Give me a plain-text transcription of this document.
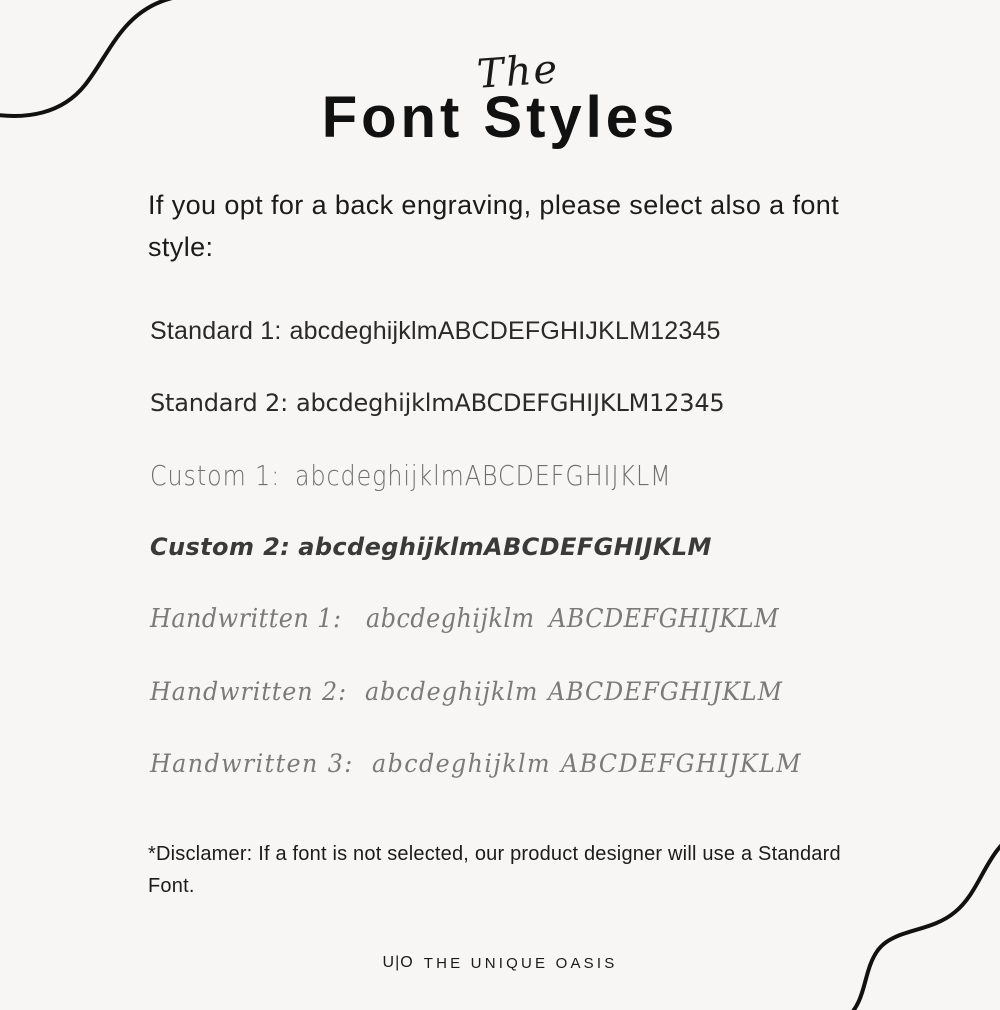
The
Font Styles
If you opt for a back engraving, please select also a font style:
Standard 1: abcdeghijklmABCDEFGHIJKLM12345
Standard 2: abcdeghijklmABCDEFGHIJKLM12345
Custom 1: abcdeghijklmABCDEFGHIJKLM
Custom 2: abcdeghijklmABCDEFGHIJKLM
Handwritten 1: abcdeghijklm ABCDEFGHIJKLM
Handwritten 2: abcdeghijklm ABCDEFGHIJKLM
Handwritten 3: abcdeghijklm ABCDEFGHIJKLM
*Disclamer: If a font is not selected, our product designer will use a Standard Font.
U|O THE UNIQUE OASIS
